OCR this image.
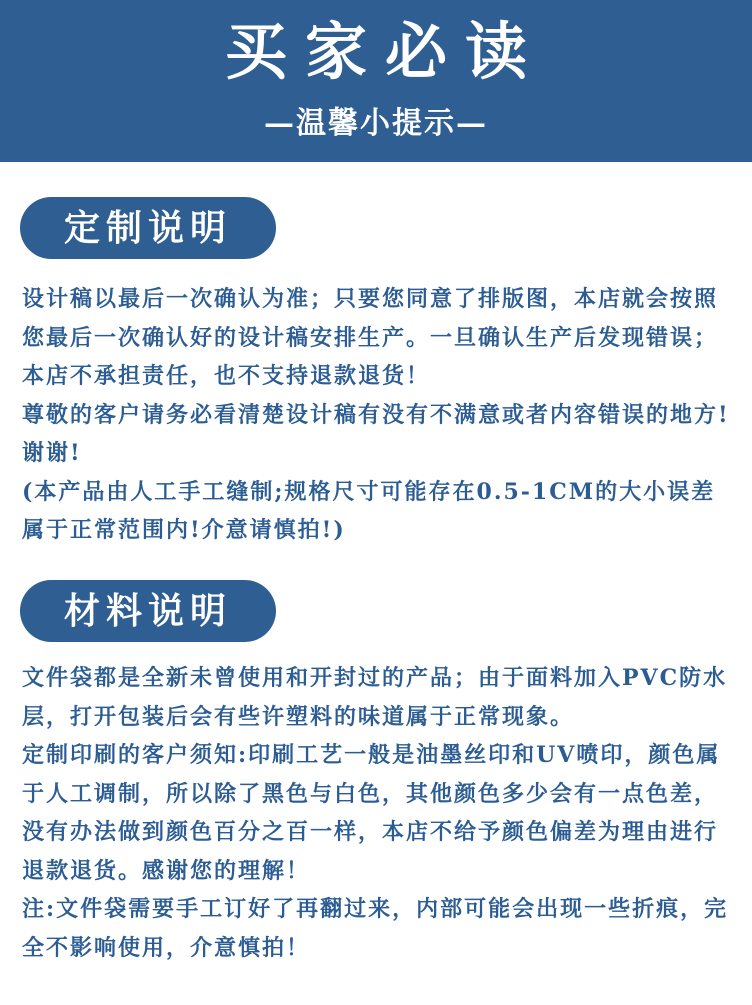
买家必读
—温馨小提示—
定制说明

设计稿以最后一次确认为准；只要您同意了排版图，本店就会按照您最后一次确认好的设计稿安排生产。一旦确认生产后发现错误；本店不承担责任，也不支持退款退货！

尊敬的客户请务必看清楚设计稿有没有不满意或者内容错误的地方!谢谢!

(本产品由人工手工缝制;规格尺寸可能存在0.5-1CM的大小误差属于正常范围内!介意请慎拍!)

材料说明

文件袋都是全新未曾使用和开封过的产品；由于面料加入PVC防水层，打开包装后会有些许塑料的味道属于正常现象。

定制印刷的客户须知:印刷工艺一般是油墨丝印和UV喷印，颜色属于人工调制，所以除了黑色与白色，其他颜色多少会有一点色差，没有办法做到颜色百分之百一样，本店不给予颜色偏差为理由进行退款退货。感谢您的理解！

注:文件袋需要手工订好了再翻过来，内部可能会出现一些折痕，完全不影响使用，介意慎拍！
